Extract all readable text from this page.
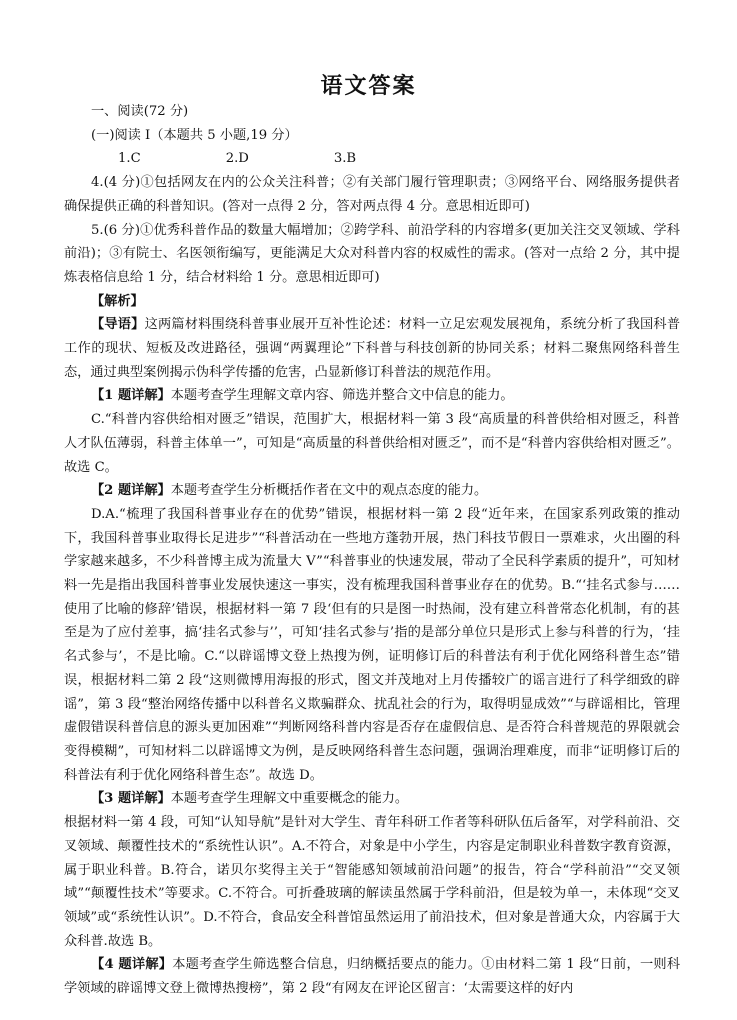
语文答案

一、阅读(72 分)

(一)阅读 I（本题共 5 小题,19 分）

1.C	2.D	3.B

4.(4 分)①包括网友在内的公众关注科普；②有关部门履行管理职责；③网络平台、网络服务提供者确保提供正确的科普知识。(答对一点得 2 分，答对两点得 4 分。意思相近即可)

5.(6 分)①优秀科普作品的数量大幅增加；②跨学科、前沿学科的内容增多(更加关注交叉领域、学科前沿)；③有院士、名医领衔编写，更能满足大众对科普内容的权威性的需求。(答对一点给 2 分，其中提炼表格信息给 1 分，结合材料给 1 分。意思相近即可)

【解析】

【导语】这两篇材料围绕科普事业展开互补性论述：材料一立足宏观发展视角，系统分析了我国科普工作的现状、短板及改进路径，强调“两翼理论”下科普与科技创新的协同关系；材料二聚焦网络科普生态，通过典型案例揭示伪科学传播的危害，凸显新修订科普法的规范作用。

【1 题详解】本题考查学生理解文章内容、筛选并整合文中信息的能力。

C.“科普内容供给相对匮乏”错误，范围扩大，根据材料一第 3 段“高质量的科普供给相对匮乏，科普人才队伍薄弱，科普主体单一”，可知是“高质量的科普供给相对匮乏”，而不是“科普内容供给相对匮乏”。故选 C。

【2 题详解】本题考查学生分析概括作者在文中的观点态度的能力。

D.A.“梳理了我国科普事业存在的优势”错误，根据材料一第 2 段“近年来，在国家系列政策的推动下，我国科普事业取得长足进步”“科普活动在一些地方蓬勃开展，热门科技节假日一票难求，火出圈的科学家越来越多，不少科普博主成为流量大 V”“科普事业的快速发展，带动了全民科学素质的提升”，可知材料一先是指出我国科普事业发展快速这一事实，没有梳理我国科普事业存在的优势。B.“‘挂名式参与……使用了比喻的修辞’错误，根据材料一第 7 段‘但有的只是图一时热闹，没有建立科普常态化机制，有的甚至是为了应付差事，搞‘挂名式参与’’，可知‘挂名式参与’指的是部分单位只是形式上参与科普的行为，‘挂名式参与’，不是比喻。C.“以辟谣博文登上热搜为例，证明修订后的科普法有利于优化网络科普生态”错误，根据材料二第 2 段“这则微博用海报的形式，图文并茂地对上月传播较广的谣言进行了科学细致的辟谣”，第 3 段“整治网络传播中以科普名义欺骗群众、扰乱社会的行为，取得明显成效”“与辟谣相比，管理虚假错误科普信息的源头更加困难”“判断网络科普内容是否存在虚假信息、是否符合科普规范的界限就会变得模糊”，可知材料二以辟谣博文为例，是反映网络科普生态问题，强调治理难度，而非“证明修订后的科普法有利于优化网络科普生态”。故选 D。

【3 题详解】本题考查学生理解文中重要概念的能力。

根据材料一第 4 段，可知“认知导航”是针对大学生、青年科研工作者等科研队伍后备军，对学科前沿、交叉领域、颠覆性技术的“系统性认识”。A.不符合，对象是中小学生，内容是定制职业科普数字教育资源，属于职业科普。B.符合，诺贝尔奖得主关于“智能感知领域前沿问题”的报告，符合“学科前沿”“交叉领域”“颠覆性技术”等要求。C.不符合。可折叠玻璃的解读虽然属于学科前沿，但是较为单一，未体现“交叉领域”或“系统性认识”。D.不符合，食品安全科普馆虽然运用了前沿技术，但对象是普通大众，内容属于大众科普.故选 B。

【4 题详解】本题考查学生筛选整合信息，归纳概括要点的能力。①由材料二第 1 段“日前，一则科学领域的辟谣博文登上微博热搜榜”，第 2 段“有网友在评论区留言：‘太需要这样的好内
